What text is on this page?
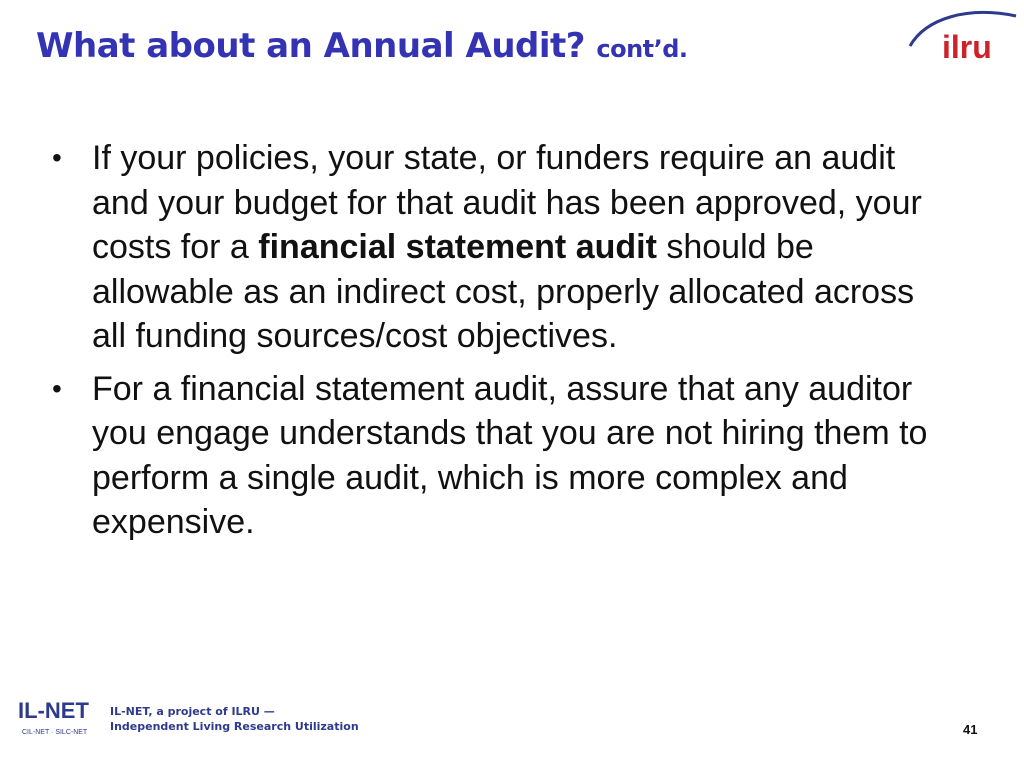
What about an Annual Audit? cont’d.	ilru
• If your policies, your state, or funders require an audit and your budget for that audit has been approved, your costs for a financial statement audit should be allowable as an indirect cost, properly allocated across all funding sources/cost objectives.
• For a financial statement audit, assure that any auditor you engage understands that you are not hiring them to perform a single audit, which is more complex and expensive.
IL-NET
CIL-NET · SILC-NET
IL-NET, a project of ILRU —
Independent Living Research Utilization	41
